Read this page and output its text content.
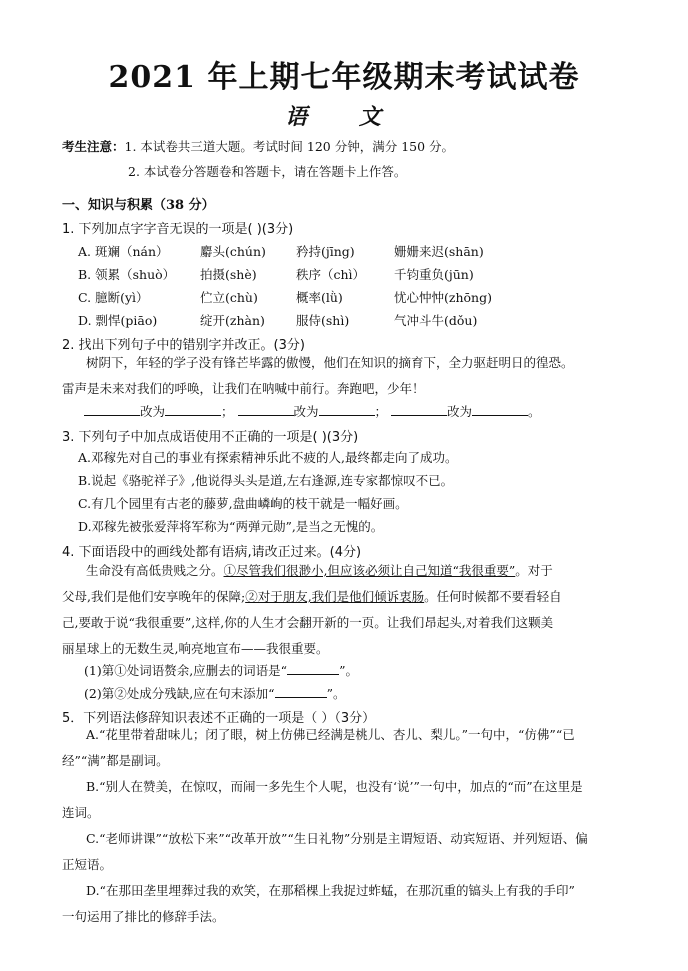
2021 年上期七年级期末考试试卷
语 文
考生注意：1. 本试卷共三道大题。考试时间 120 分钟，满分 150 分。
2. 本试卷分答题卷和答题卡，请在答题卡上作答。
一、知识与积累（38 分）
1. 下列加点字字音无误的一项是( )(3分)
A. 斑斓（nán）	麝头(chún) 矜持(jīng)	姗姗来迟(shān)
B. 领累（shuò） 拍摄(shè)	秩序（chì） 千钧重负(jūn)
C. 臆断(yì）	伫立(chù)	概率(lǜ)	忧心忡忡(zhōng)
D. 剽悍(piāo)	绽开(zhàn) 服侍(shì)	气冲斗牛(dǒu)
2. 找出下列句子中的错别字并改正。(3分)
树阴下，年轻的学子没有锋芒毕露的傲慢，他们在知识的摘育下，全力驱赶明日的徨恐。
雷声是未来对我们的呼唤，让我们在呐喊中前行。奔跑吧，少年！
改为	；	改为	；	改为	。
3. 下列句子中加点成语使用不正确的一项是( )(3分)
A.邓稼先对自己的事业有探索精神乐此不疲的人,最终都走向了成功。
B.说起《骆驼祥子》,他说得头头是道,左右逢源,连专家都惊叹不已。
C.有几个园里有古老的藤萝,盘曲嶙峋的枝干就是一幅好画。
D.邓稼先被张爱萍将军称为“两弹元勋”,是当之无愧的。
4. 下面语段中的画线处都有语病,请改正过来。(4分)
生命没有高低贵贱之分。①尽管我们很渺小,但应该必须让自己知道“我很重要”。对于
父母,我们是他们安享晚年的保障;②对于朋友,我们是他们倾诉衷肠。任何时候都不要看轻自
己,要敢于说“我很重要”,这样,你的人生才会翻开新的一页。让我们昂起头,对着我们这颗美
丽星球上的无数生灵,响亮地宣布——我很重要。
(1)第①处词语赘余,应删去的词语是“	”。
(2)第②处成分残缺,应在句末添加“	”。
5．下列语法修辞知识表述不正确的一项是（ ）（3分）
A.“花里带着甜味儿；闭了眼，树上仿佛已经满是桃儿、杏儿、梨儿。”一句中，“仿佛”“已
经”“满”都是副词。
B.“别人在赞美，在惊叹，而闹一多先生个人呢，也没有‘说’”一句中，加点的“而”在这里是
连词。
C.“老师讲课”“放松下来”“改革开放”“生日礼物”分别是主谓短语、动宾短语、并列短语、偏
正短语。
D.“在那田垄里埋葬过我的欢笑，在那稻棵上我捉过蚱蜢，在那沉重的镐头上有我的手印”
一句运用了排比的修辞手法。
